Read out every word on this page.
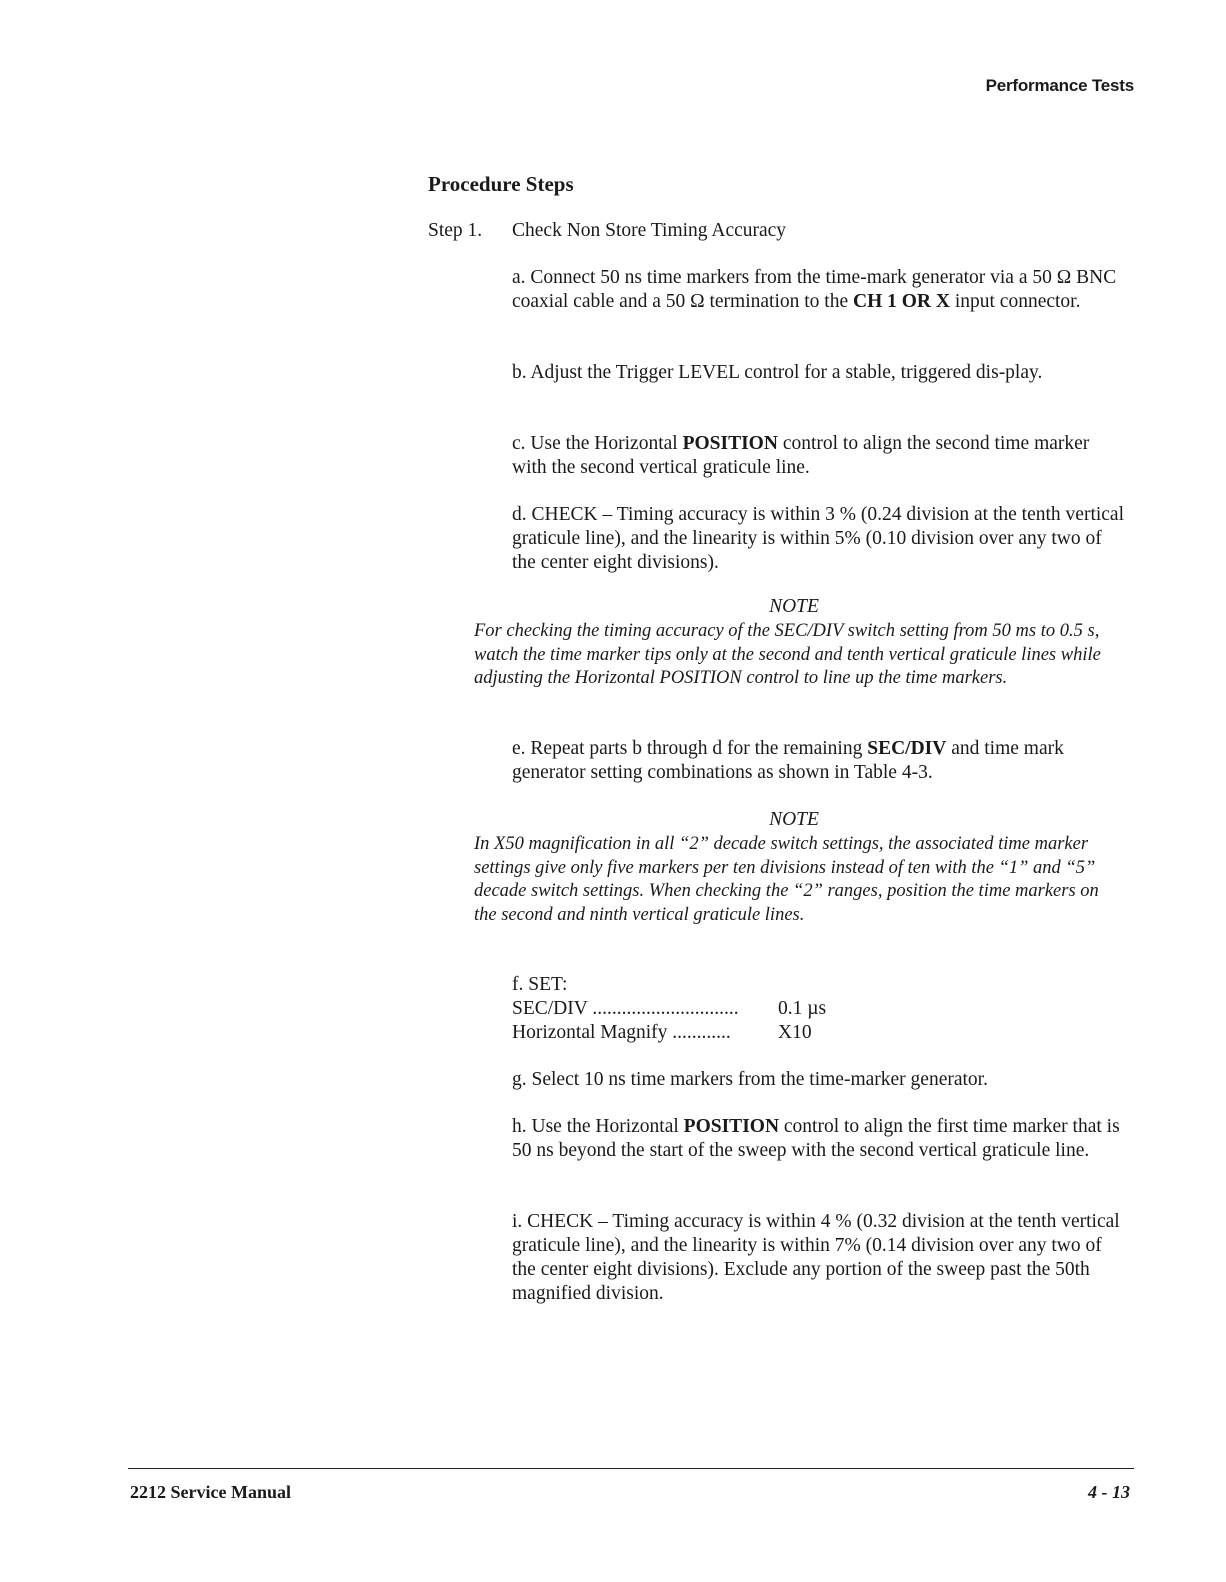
Performance Tests
Procedure Steps
Step 1. Check Non Store Timing Accuracy
a. Connect 50 ns time markers from the time-mark generator via a 50 Ω BNC coaxial cable and a 50 Ω termination to the CH 1 OR X input connector.
b. Adjust the Trigger LEVEL control for a stable, triggered dis-play.
c. Use the Horizontal POSITION control to align the second time marker with the second vertical graticule line.
d. CHECK – Timing accuracy is within 3 % (0.24 division at the tenth vertical graticule line), and the linearity is within 5% (0.10 division over any two of the center eight divisions).
NOTE
For checking the timing accuracy of the SEC/DIV switch setting from 50 ms to 0.5 s, watch the time marker tips only at the second and tenth vertical graticule lines while adjusting the Horizontal POSITION control to line up the time markers.
e. Repeat parts b through d for the remaining SEC/DIV and time mark generator setting combinations as shown in Table 4-3.
NOTE
In X50 magnification in all “2” decade switch settings, the associated time marker settings give only five markers per ten divisions instead of ten with the “1” and “5” decade switch settings. When checking the “2” ranges, position the time markers on the second and ninth vertical graticule lines.
f. SET:
SEC/DIV ..............................	0.1 µs
Horizontal Magnify ............	X10
g. Select 10 ns time markers from the time-marker generator.
h. Use the Horizontal POSITION control to align the first time marker that is 50 ns beyond the start of the sweep with the second vertical graticule line.
i. CHECK – Timing accuracy is within 4 % (0.32 division at the tenth vertical graticule line), and the linearity is within 7% (0.14 division over any two of the center eight divisions). Exclude any portion of the sweep past the 50th magnified division.
2212 Service Manual	4 - 13
